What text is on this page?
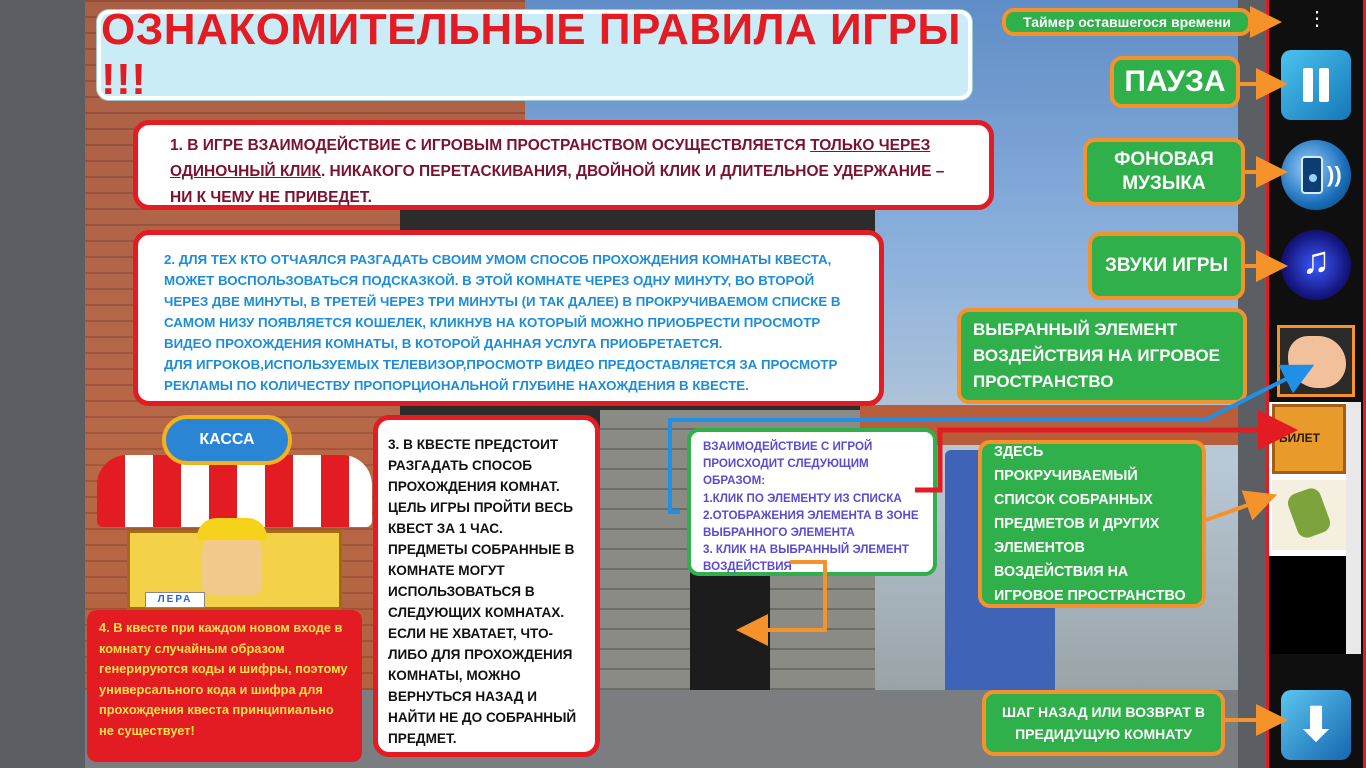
⋮
))
♫
БИЛЕТ
⬇
ОЗНАКОМИТЕЛЬНЫЕ ПРАВИЛА ИГРЫ !!!
1. В ИГРЕ ВЗАИМОДЕЙСТВИЕ С ИГРОВЫМ ПРОСТРАНСТВОМ ОСУЩЕСТВЛЯЕТСЯ ТОЛЬКО ЧЕРЕЗ ОДИНОЧНЫЙ КЛИК. НИКАКОГО ПЕРЕТАСКИВАНИЯ, ДВОЙНОЙ КЛИК И ДЛИТЕЛЬНОЕ УДЕРЖАНИЕ – НИ К ЧЕМУ НЕ ПРИВЕДЕТ.
2. ДЛЯ ТЕХ КТО ОТЧАЯЛСЯ РАЗГАДАТЬ СВОИМ УМОМ СПОСОБ ПРОХОЖДЕНИЯ КОМНАТЫ КВЕСТА, МОЖЕТ ВОСПОЛЬЗОВАТЬСЯ ПОДСКАЗКОЙ. В ЭТОЙ КОМНАТЕ ЧЕРЕЗ ОДНУ МИНУТУ, ВО ВТОРОЙ ЧЕРЕЗ ДВЕ МИНУТЫ, В ТРЕТЕЙ ЧЕРЕЗ ТРИ МИНУТЫ (И ТАК ДАЛЕЕ) В ПРОКРУЧИВАЕМОМ СПИСКЕ В САМОМ НИЗУ ПОЯВЛЯЕТСЯ КОШЕЛЕК, КЛИКНУВ НА КОТОРЫЙ МОЖНО ПРИОБРЕСТИ ПРОСМОТР ВИДЕО ПРОХОЖДЕНИЯ КОМНАТЫ, В КОТОРОЙ ДАННАЯ УСЛУГА ПРИОБРЕТАЕТСЯ.
ДЛЯ ИГРОКОВ,ИСПОЛЬЗУЕМЫХ ТЕЛЕВИЗОР,ПРОСМОТР ВИДЕО ПРЕДОСТАВЛЯЕТСЯ ЗА ПРОСМОТР РЕКЛАМЫ ПО КОЛИЧЕСТВУ ПРОПОРЦИОНАЛЬНОЙ ГЛУБИНЕ НАХОЖДЕНИЯ В КВЕСТЕ.
3. В КВЕСТЕ ПРЕДСТОИТ РАЗГАДАТЬ СПОСОБ ПРОХОЖДЕНИЯ КОМНАТ. ЦЕЛЬ ИГРЫ ПРОЙТИ ВЕСЬ КВЕСТ ЗА 1 ЧАС. ПРЕДМЕТЫ СОБРАННЫЕ В КОМНАТЕ МОГУТ ИСПОЛЬЗОВАТЬСЯ В СЛЕДУЮЩИХ КОМНАТАХ. ЕСЛИ НЕ ХВАТАЕТ, ЧТО-ЛИБО ДЛЯ ПРОХОЖДЕНИЯ КОМНАТЫ, МОЖНО ВЕРНУТЬСЯ НАЗАД И НАЙТИ НЕ ДО СОБРАННЫЙ ПРЕДМЕТ.
4. В квесте при каждом новом входе в комнату случайным образом генерируются коды и шифры, поэтому универсального кода и шифра для прохождения квеста принципиально не существует!
КАССА
ЛЕРА
ВЗАИМОДЕЙСТВИЕ С ИГРОЙ ПРОИСХОДИТ СЛЕДУЮЩИМ ОБРАЗОМ:
1.КЛИК ПО ЭЛЕМЕНТУ ИЗ СПИСКА
2.ОТОБРАЖЕНИЯ ЭЛЕМЕНТА В ЗОНЕ ВЫБРАННОГО ЭЛЕМЕНТА
3. КЛИК НА ВЫБРАННЫЙ ЭЛЕМЕНТ ВОЗДЕЙСТВИЯ
Таймер оставшегося времени
ПАУЗА
ФОНОВАЯ МУЗЫКА
ЗВУКИ ИГРЫ
ВЫБРАННЫЙ ЭЛЕМЕНТ ВОЗДЕЙСТВИЯ НА ИГРОВОЕ ПРОСТРАНСТВО
ЗДЕСЬ ПРОКРУЧИВАЕМЫЙ СПИСОК СОБРАННЫХ ПРЕДМЕТОВ И ДРУГИХ ЭЛЕМЕНТОВ ВОЗДЕЙСТВИЯ НА ИГРОВОЕ ПРОСТРАНСТВО
ШАГ НАЗАД ИЛИ ВОЗВРАТ В ПРЕДИДУЩУЮ КОМНАТУ
